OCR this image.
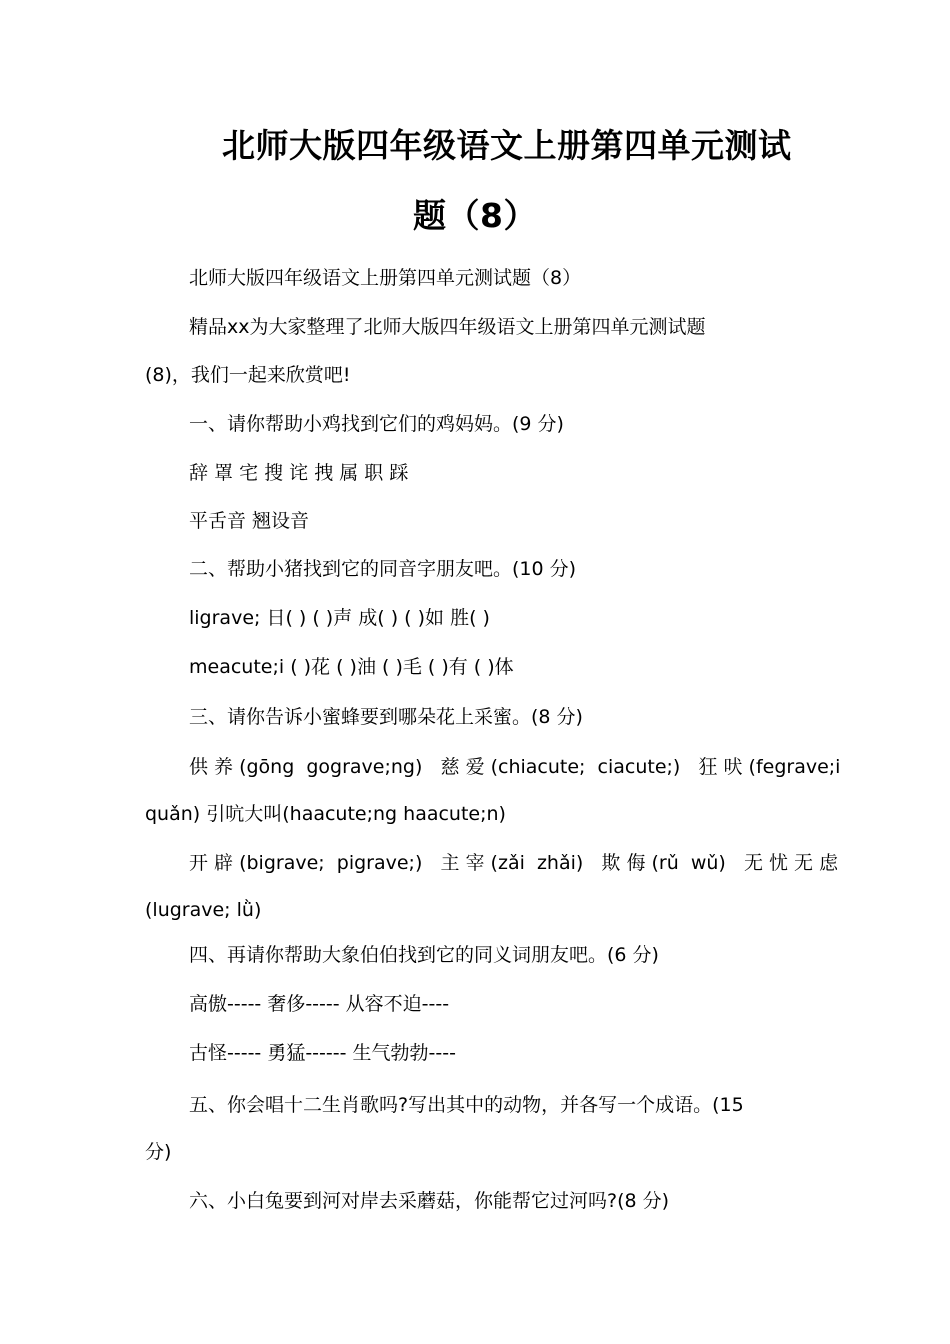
北师大版四年级语文上册第四单元测试
题（8）
北师大版四年级语文上册第四单元测试题（8）
精品xx为大家整理了北师大版四年级语文上册第四单元测试题
(8)，我们一起来欣赏吧!
一、请你帮助小鸡找到它们的鸡妈妈。(9 分)
辞 罩 宅 搜 诧 拽 属 职 踩
平舌音 翘设音
二、帮助小猪找到它的同音字朋友吧。(10 分)
ligrave; 日( ) ( )声 成( ) ( )如 胜( )
meacute;i ( )花 ( )油 ( )毛 ( )有 ( )体
三、请你告诉小蜜蜂要到哪朵花上采蜜。(8 分)
供 养 (gōng  gograve;ng)   慈 爱 (chiacute;  ciacute;)   狂 吠 (fegrave;i
quǎn) 引吭大叫(haacute;ng haacute;n)
开 辟 (bigrave;  pigrave;)   主 宰 (zǎi  zhǎi)   欺 侮 (rǔ  wǔ)   无 忧 无 虑
(lugrave; lǜ)
四、再请你帮助大象伯伯找到它的同义词朋友吧。(6 分)
高傲----- 奢侈----- 从容不迫----
古怪----- 勇猛------ 生气勃勃----
五、你会唱十二生肖歌吗?写出其中的动物，并各写一个成语。(15
分)
六、小白兔要到河对岸去采蘑菇，你能帮它过河吗?(8 分)
